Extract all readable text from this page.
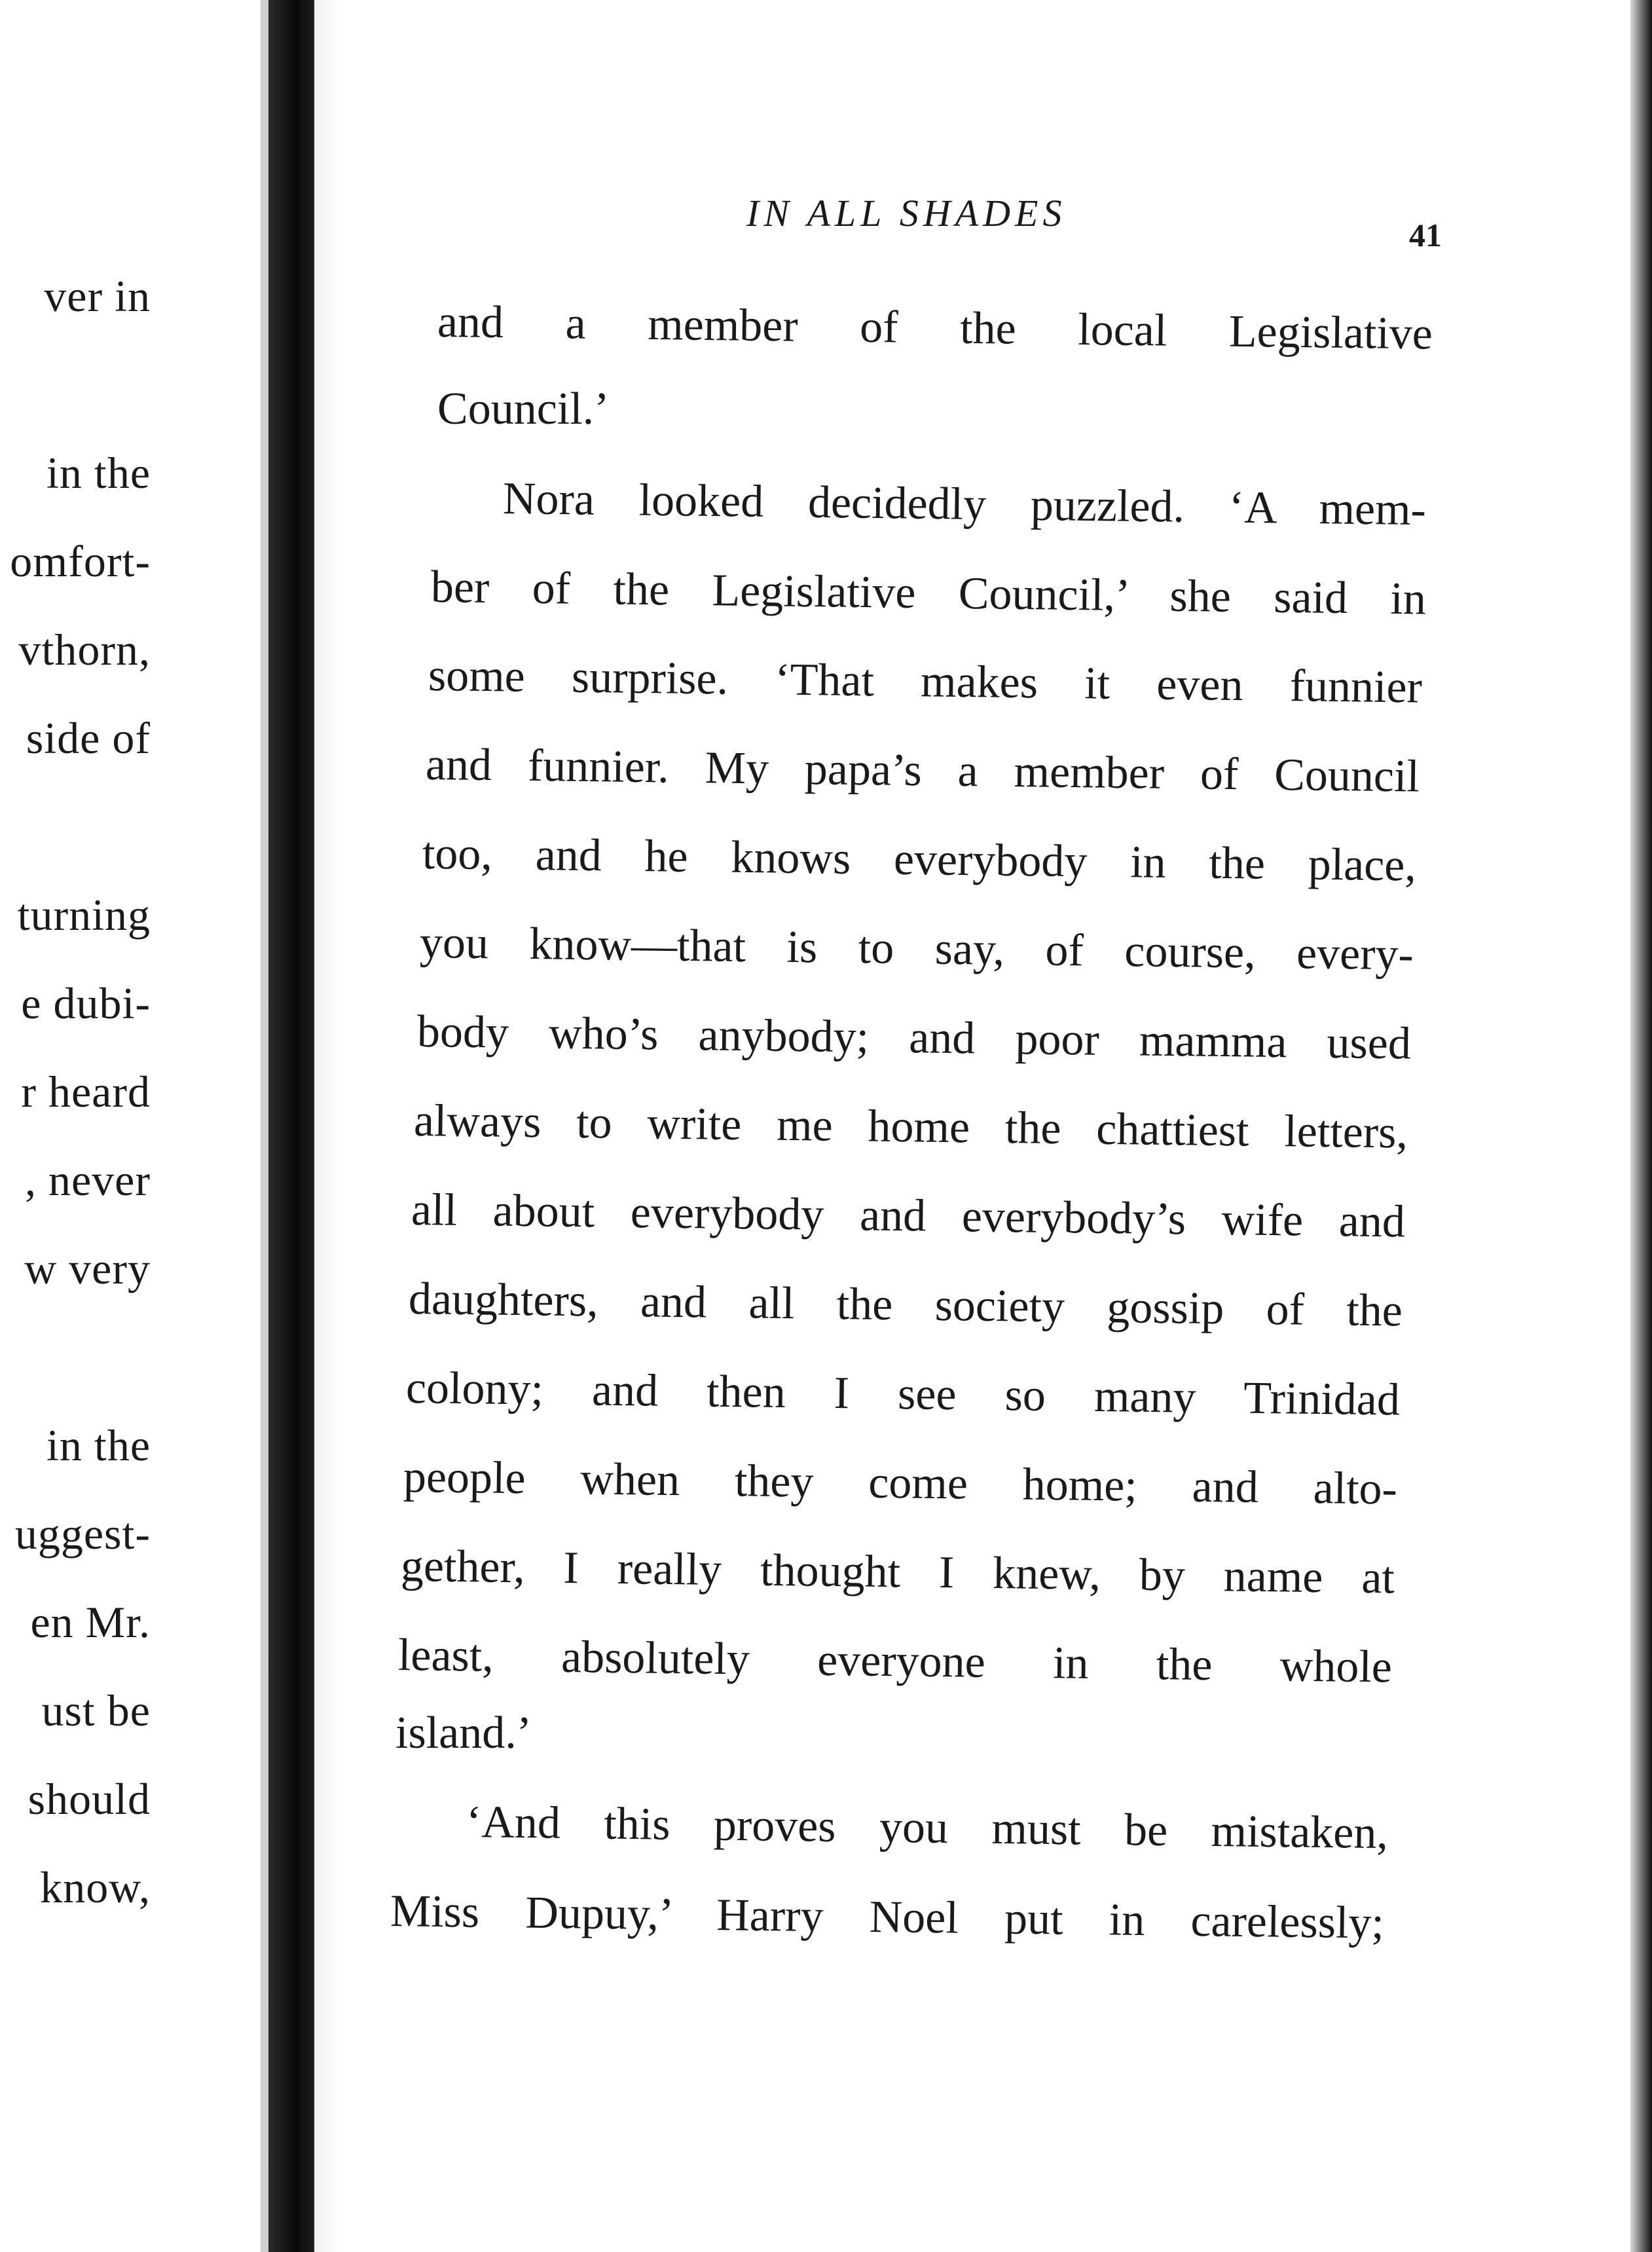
ver in
in the
omfort-
vthorn,
side of
turning
e dubi-
r heard
, never
w very
in the
uggest-
en Mr.
ust be
should
know,
IN ALL SHADES
41
and a member of the local Legislative
Council.’
Nora looked decidedly puzzled. ‘A mem-
ber of the Legislative Council,’ she said in
some surprise. ‘That makes it even funnier
and funnier. My papa’s a member of Council
too, and he knows everybody in the place,
you know—that is to say, of course, every-
body who’s anybody; and poor mamma used
always to write me home the chattiest letters,
all about everybody and everybody’s wife and
daughters, and all the society gossip of the
colony; and then I see so many Trinidad
people when they come home; and alto-
gether, I really thought I knew, by name at
least, absolutely everyone in the whole
island.’
‘And this proves you must be mistaken,
Miss Dupuy,’ Harry Noel put in carelessly;
